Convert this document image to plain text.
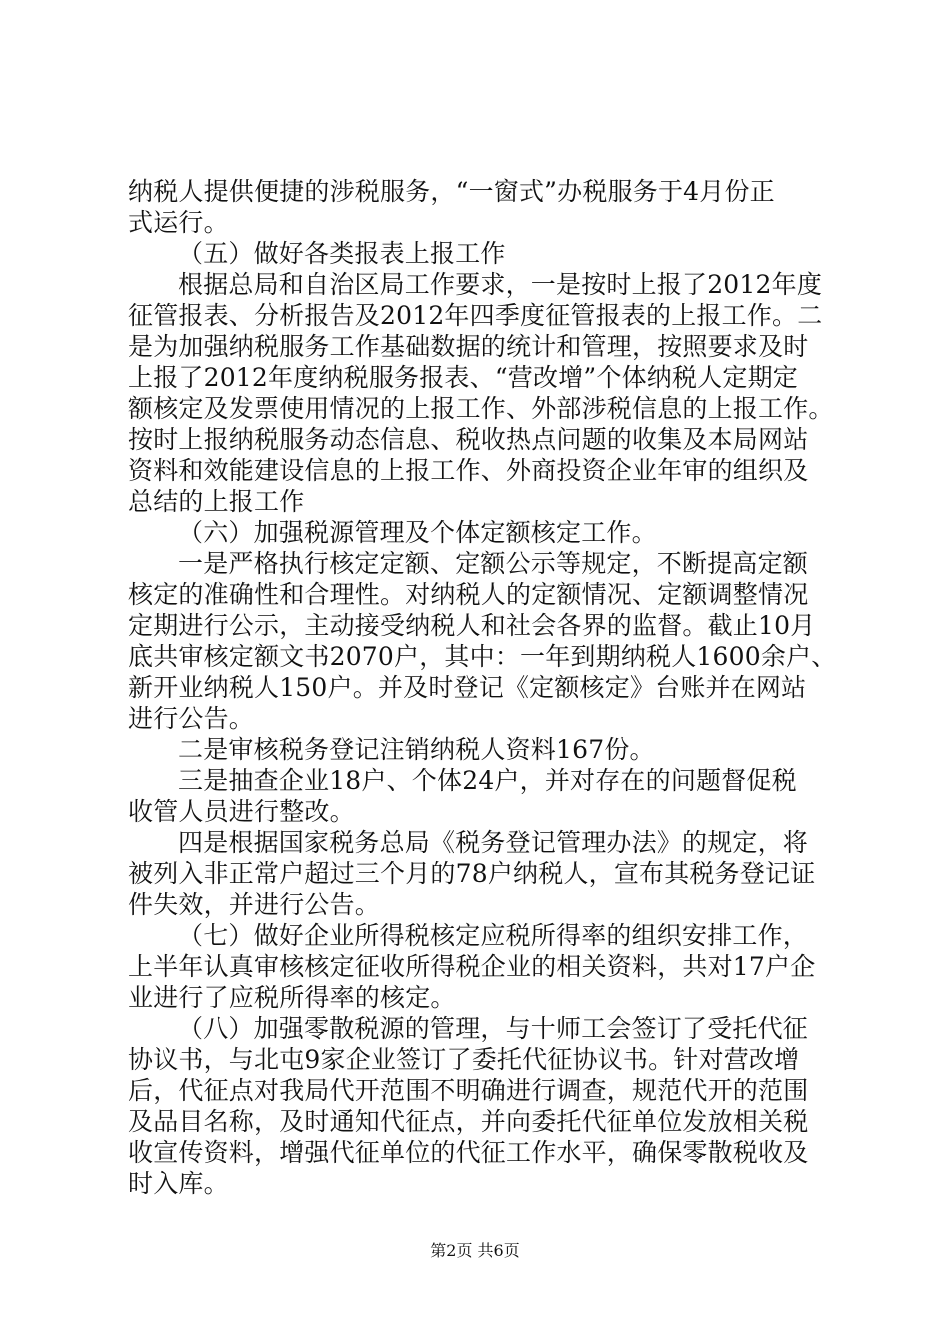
纳税人提供便捷的涉税服务，“一窗式”办税服务于4月份正
式运行。
（五）做好各类报表上报工作
根据总局和自治区局工作要求，一是按时上报了2012年度
征管报表、分析报告及2012年四季度征管报表的上报工作。二
是为加强纳税服务工作基础数据的统计和管理，按照要求及时
上报了2012年度纳税服务报表、“营改增”个体纳税人定期定
额核定及发票使用情况的上报工作、外部涉税信息的上报工作。
按时上报纳税服务动态信息、税收热点问题的收集及本局网站
资料和效能建设信息的上报工作、外商投资企业年审的组织及
总结的上报工作
（六）加强税源管理及个体定额核定工作。
一是严格执行核定定额、定额公示等规定，不断提高定额
核定的准确性和合理性。对纳税人的定额情况、定额调整情况
定期进行公示，主动接受纳税人和社会各界的监督。截止10月
底共审核定额文书2070户，其中：一年到期纳税人1600余户、
新开业纳税人150户。并及时登记《定额核定》台账并在网站
进行公告。
二是审核税务登记注销纳税人资料167份。
三是抽查企业18户、个体24户，并对存在的问题督促税
收管人员进行整改。
四是根据国家税务总局《税务登记管理办法》的规定，将
被列入非正常户超过三个月的78户纳税人，宣布其税务登记证
件失效，并进行公告。
（七）做好企业所得税核定应税所得率的组织安排工作，
上半年认真审核核定征收所得税企业的相关资料，共对17户企
业进行了应税所得率的核定。
（八）加强零散税源的管理，与十师工会签订了受托代征
协议书，与北屯9家企业签订了委托代征协议书。针对营改增
后，代征点对我局代开范围不明确进行调查，规范代开的范围
及品目名称，及时通知代征点，并向委托代征单位发放相关税
收宣传资料，增强代征单位的代征工作水平，确保零散税收及
时入库。
第2页 共6页
